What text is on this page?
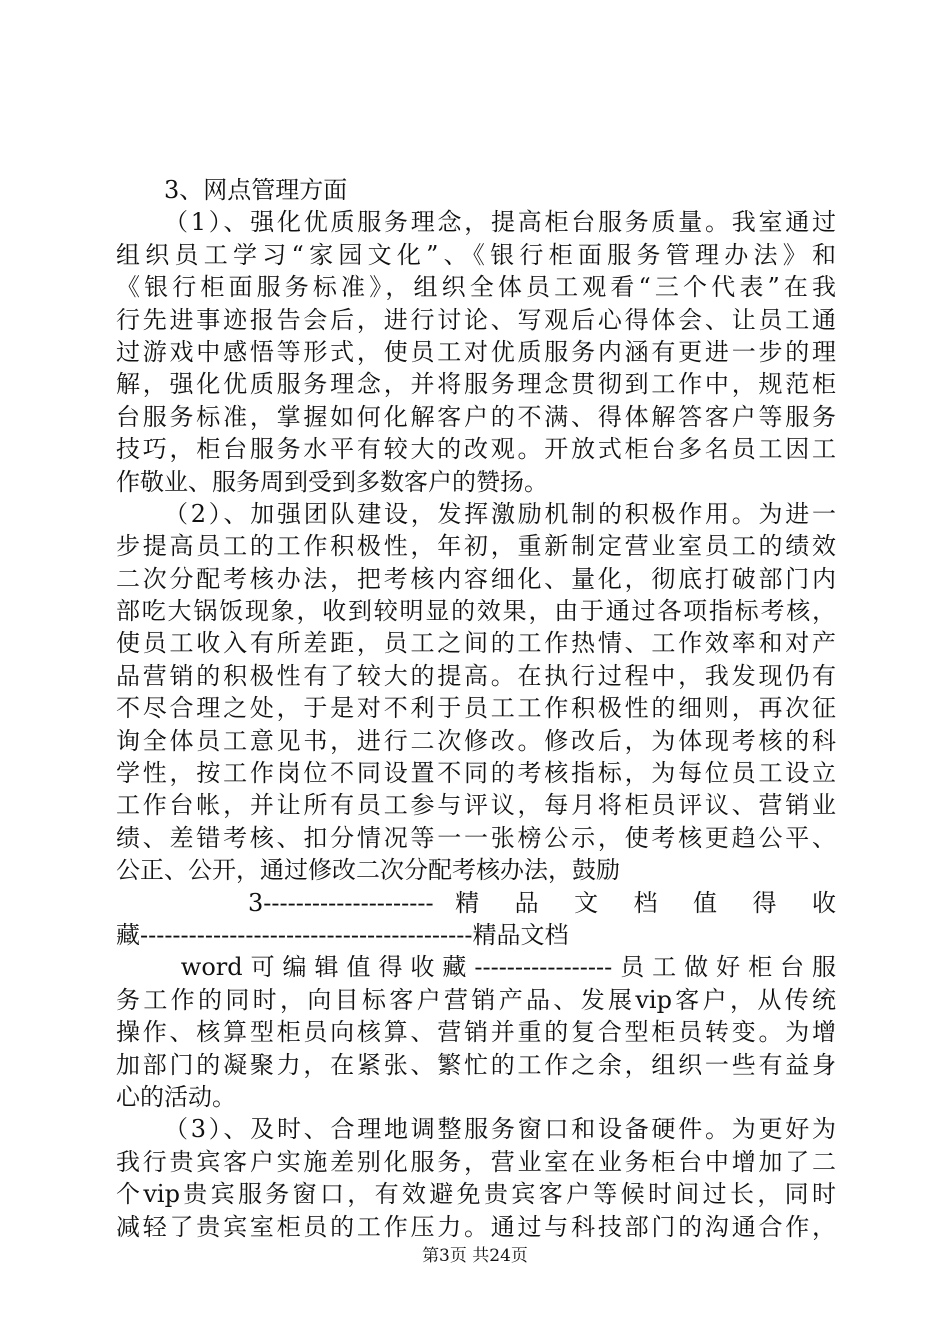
3、网点管理方面
（1）、强化优质服务理念，提高柜台服务质量。我室通过
组织员工学习“家园文化”、《银行柜面服务管理办法》和
《银行柜面服务标准》，组织全体员工观看“三个代表”在我
行先进事迹报告会后，进行讨论、写观后心得体会、让员工通
过游戏中感悟等形式，使员工对优质服务内涵有更进一步的理
解，强化优质服务理念，并将服务理念贯彻到工作中，规范柜
台服务标准，掌握如何化解客户的不满、得体解答客户等服务
技巧，柜台服务水平有较大的改观。开放式柜台多名员工因工
作敬业、服务周到受到多数客户的赞扬。
（2）、加强团队建设，发挥激励机制的积极作用。为进一
步提高员工的工作积极性，年初，重新制定营业室员工的绩效
二次分配考核办法，把考核内容细化、量化，彻底打破部门内
部吃大锅饭现象，收到较明显的效果，由于通过各项指标考核，
使员工收入有所差距，员工之间的工作热情、工作效率和对产
品营销的积极性有了较大的提高。在执行过程中，我发现仍有
不尽合理之处，于是对不利于员工工作积极性的细则，再次征
询全体员工意见书，进行二次修改。修改后，为体现考核的科
学性，按工作岗位不同设置不同的考核指标，为每位员工设立
工作台帐，并让所有员工参与评议，每月将柜员评议、营销业
绩、差错考核、扣分情况等一一张榜公示，使考核更趋公平、
公正、公开，通过修改二次分配考核办法，鼓励
3--------------------- 精 品 文 档 值 得 收
藏-----------------------------------------精品文档
word可编辑值得收藏-----------------员工做好柜台服
务工作的同时，向目标客户营销产品、发展vip客户，从传统
操作、核算型柜员向核算、营销并重的复合型柜员转变。为增
加部门的凝聚力，在紧张、繁忙的工作之余，组织一些有益身
心的活动。
（3）、及时、合理地调整服务窗口和设备硬件。为更好为
我行贵宾客户实施差别化服务，营业室在业务柜台中增加了二
个vip贵宾服务窗口，有效避免贵宾客户等候时间过长，同时
减轻了贵宾室柜员的工作压力。通过与科技部门的沟通合作，
第3页 共24页
